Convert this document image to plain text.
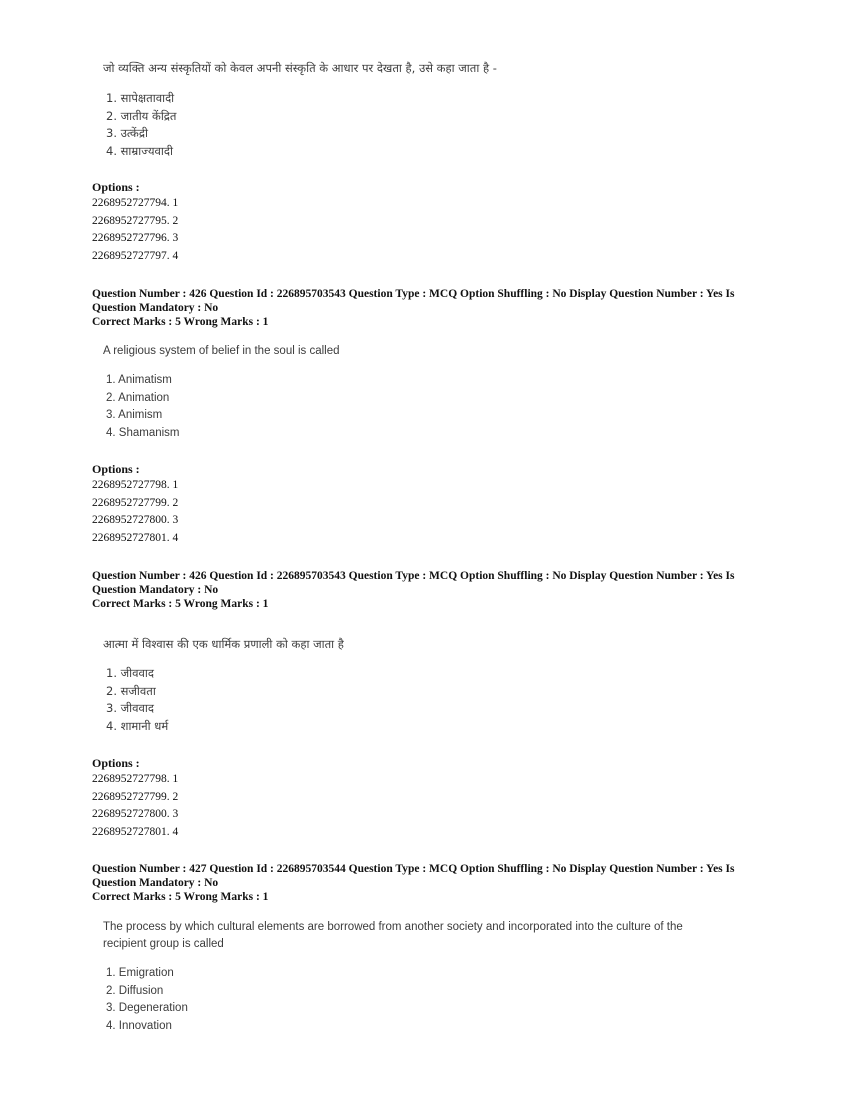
जो व्यक्ति अन्य संस्कृतियों को केवल अपनी संस्कृति के आधार पर देखता है, उसे कहा जाता है -
1. सापेक्षतावादी
2. जातीय केंद्रित
3. उत्केंद्री
4. साम्राज्यवादी
Options :
2268952727794. 1
2268952727795. 2
2268952727796. 3
2268952727797. 4
Question Number : 426 Question Id : 226895703543 Question Type : MCQ Option Shuffling : No Display Question Number : Yes Is
Question Mandatory : No
Correct Marks : 5 Wrong Marks : 1
A religious system of belief in the soul is called
1. Animatism
2. Animation
3. Animism
4. Shamanism
Options :
2268952727798. 1
2268952727799. 2
2268952727800. 3
2268952727801. 4
Question Number : 426 Question Id : 226895703543 Question Type : MCQ Option Shuffling : No Display Question Number : Yes Is
Question Mandatory : No
Correct Marks : 5 Wrong Marks : 1
आत्मा में विश्वास की एक धार्मिक प्रणाली को कहा जाता है
1. जीववाद
2. सजीवता
3. जीववाद
4. शामानी धर्म
Options :
2268952727798. 1
2268952727799. 2
2268952727800. 3
2268952727801. 4
Question Number : 427 Question Id : 226895703544 Question Type : MCQ Option Shuffling : No Display Question Number : Yes Is
Question Mandatory : No
Correct Marks : 5 Wrong Marks : 1
The process by which cultural elements are borrowed from another society and incorporated into the culture of the
recipient group is called
1. Emigration
2. Diffusion
3. Degeneration
4. Innovation
